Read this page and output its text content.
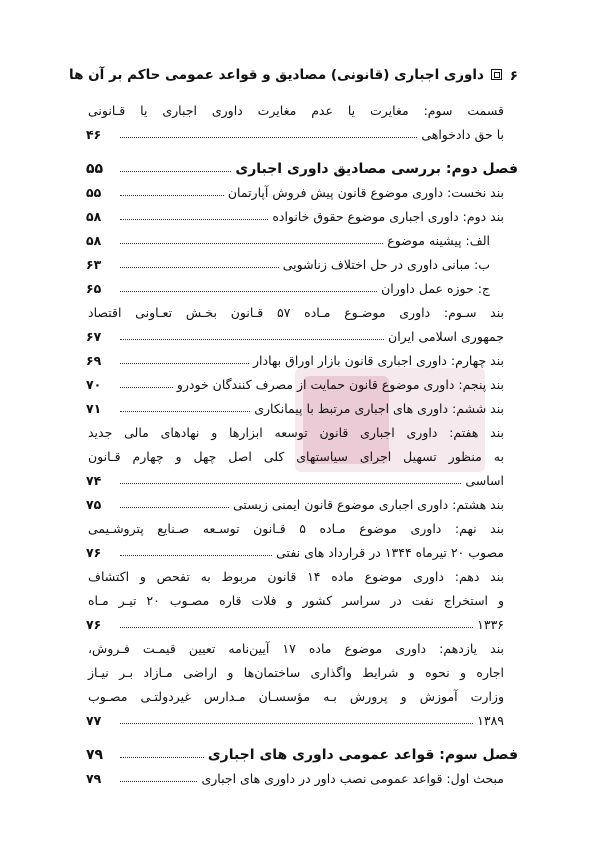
۶
داوری اجباری (قانونی) مصادیق و قواعد عمومی حاکم بر آن ها
قسمت سوم: مغایرت یا عدم مغایرت داوری اجباری یا قـانونی
با حق دادخواهی
۴۶
فصل دوم: بررسی مصادیق داوری اجباری
۵۵
بند نخست: داوری موضوع قانون پیش فروش آپارتمان
۵۵
بند دوم: داوری اجباری موضوع حقوق خانواده
۵۸
الف: پیشینه موضوع
۵۸
ب: مبانی داوری در حل اختلاف زناشویی
۶۳
ج: حوزه عمل داوران
۶۵
بند سـوم: داوری موضـوع مـاده ۵۷ قـانون بخـش تعـاونی اقتصاد
جمهوری اسلامی ایران
۶۷
بند چهارم: داوری اجباری قانون بازار اوراق بهادار
۶۹
بند پنجم: داوری موضوع قانون حمایت از مصرف کنندگان خودرو
۷۰
بند ششم: داوری های اجباری مرتبط با پیمانکاری
۷۱
بند هفتم: داوری اجباری قانون توسعه ابزارها و نهادهای مالی جدید
به منظور تسهیل اجرای سیاستهای کلی اصل چهل و چهارم قـانون
اساسی
۷۴
بند هشتم: داوری اجباری موضوع قانون ایمنی زیستی
۷۵
بند نهم: داوری موضوع مـاده ۵ قـانون توسـعه صـنایع پتروشـیمی
مصوب ۲۰ تیرماه ۱۳۴۴ در قرارداد های نفتی
۷۶
بند دهم: داوری موضوع ماده ۱۴ قانون مربوط به تفحص و اکتشاف
و استخراج نفت در سراسر کشور و فلات قاره مصـوب ۲۰ تیـر مـاه
۱۳۳۶
۷۶
بند یازدهم: داوری موضوع ماده ۱۷ آیین‌نامه تعیین قیمـت فـروش،
اجاره و نحوه و شرایط واگذاری ساختمان‌ها و اراضی مـازاد بـر نیـاز
وزارت آموزش و پرورش بـه مؤسسـان مـدارس غیردولتـی مصـوب
۱۳۸۹
۷۷
فصل سوم: قواعد عمومی داوری های اجباری
۷۹
مبحث اول: قواعد عمومی نصب داور در داوری های اجباری
۷۹
